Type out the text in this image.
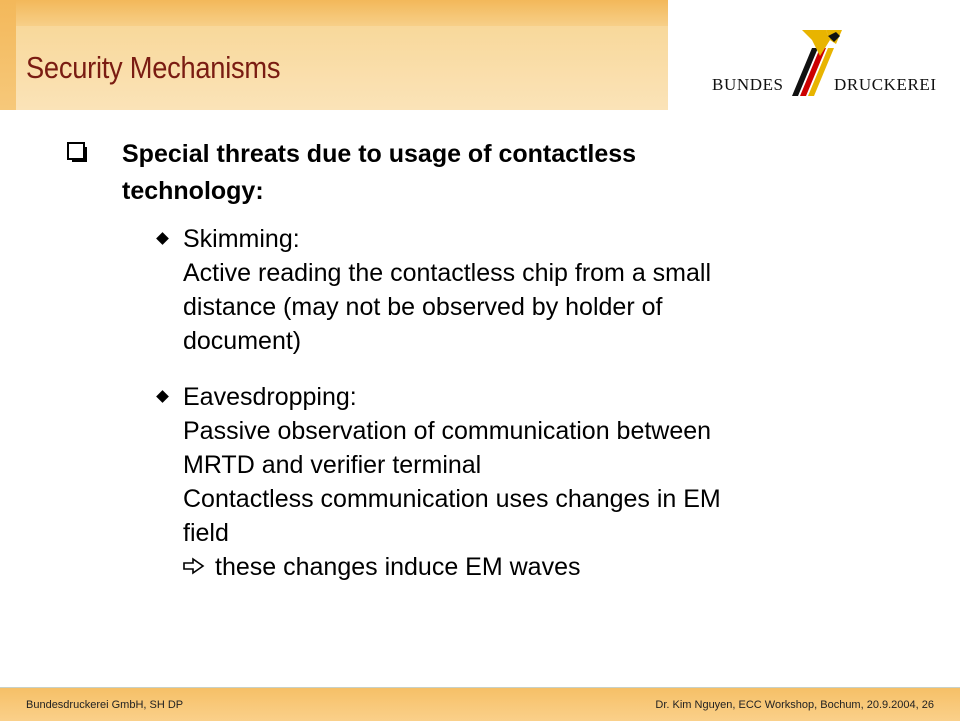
Security Mechanisms	BUNDES	DRUCKEREI

Special threats due to usage of contactless
technology:

Skimming:
Active reading the contactless chip from a small
distance (may not be observed by holder of
document)

Eavesdropping:
Passive observation of communication between
MRTD and verifier terminal
Contactless communication uses changes in EM
field
these changes induce EM waves

Bundesdruckerei GmbH, SH DP	Dr. Kim Nguyen, ECC Workshop, Bochum, 20.9.2004, 26
